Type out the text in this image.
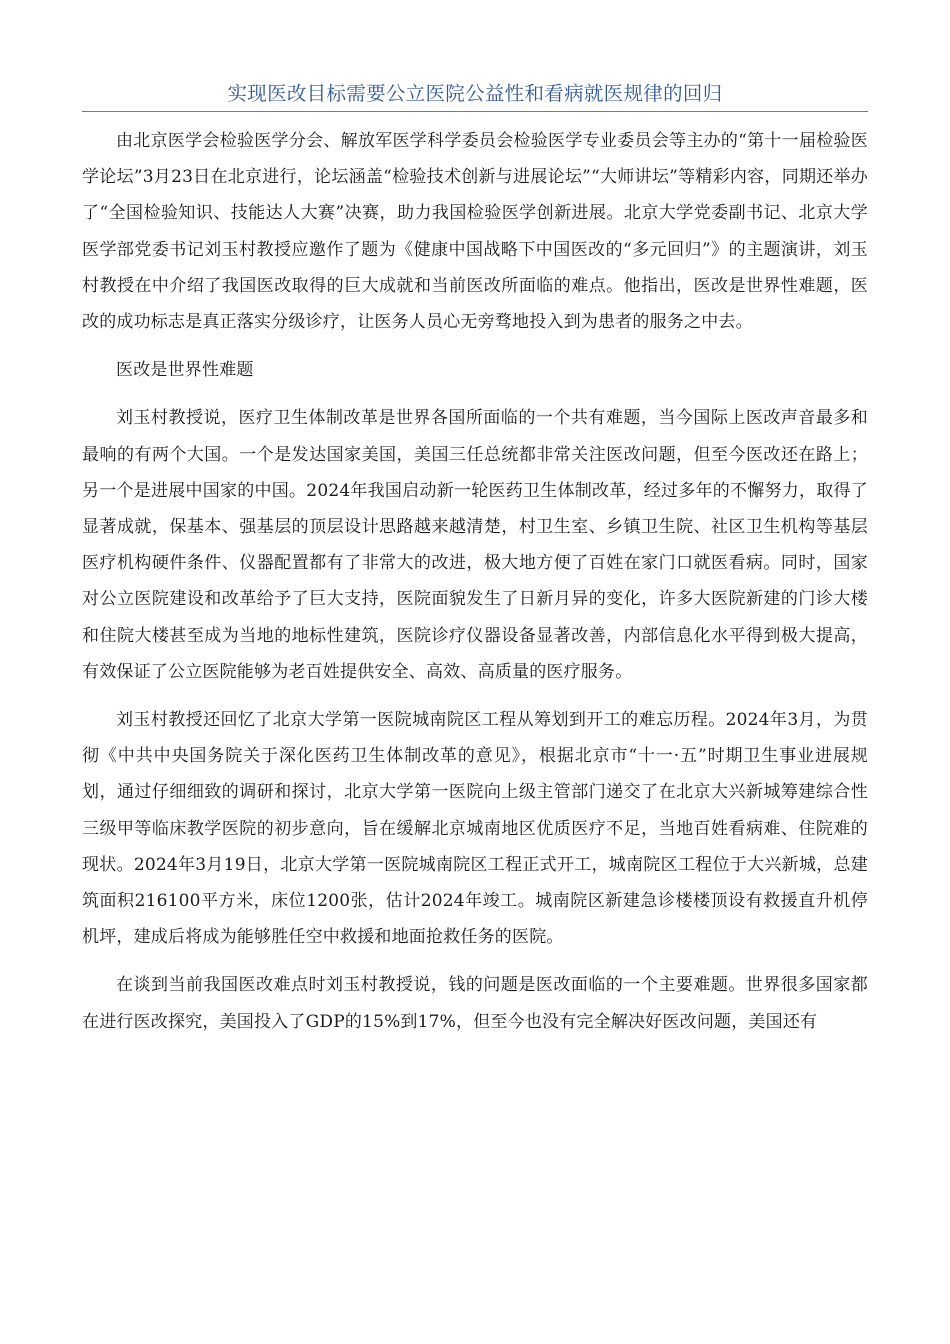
实现医改目标需要公立医院公益性和看病就医规律的回归

由北京医学会检验医学分会、解放军医学科学委员会检验医学专业委员会等主办的“第十一届检验医学论坛”3月23日在北京进行，论坛涵盖“检验技术创新与进展论坛”“大师讲坛”等精彩内容，同期还举办了“全国检验知识、技能达人大赛”决赛，助力我国检验医学创新进展。北京大学党委副书记、北京大学医学部党委书记刘玉村教授应邀作了题为《健康中国战略下中国医改的“多元回归”》的主题演讲，刘玉村教授在中介绍了我国医改取得的巨大成就和当前医改所面临的难点。他指出，医改是世界性难题，医改的成功标志是真正落实分级诊疗，让医务人员心无旁骛地投入到为患者的服务之中去。

医改是世界性难题

刘玉村教授说，医疗卫生体制改革是世界各国所面临的一个共有难题，当今国际上医改声音最多和最响的有两个大国。一个是发达国家美国，美国三任总统都非常关注医改问题，但至今医改还在路上；另一个是进展中国家的中国。2024年我国启动新一轮医药卫生体制改革，经过多年的不懈努力，取得了显著成就，保基本、强基层的顶层设计思路越来越清楚，村卫生室、乡镇卫生院、社区卫生机构等基层医疗机构硬件条件、仪器配置都有了非常大的改进，极大地方便了百姓在家门口就医看病。同时，国家对公立医院建设和改革给予了巨大支持，医院面貌发生了日新月异的变化，许多大医院新建的门诊大楼和住院大楼甚至成为当地的地标性建筑，医院诊疗仪器设备显著改善，内部信息化水平得到极大提高，有效保证了公立医院能够为老百姓提供安全、高效、高质量的医疗服务。

刘玉村教授还回忆了北京大学第一医院城南院区工程从筹划到开工的难忘历程。2024年3月，为贯彻《中共中央国务院关于深化医药卫生体制改革的意见》，根据北京市“十一·五”时期卫生事业进展规划，通过仔细细致的调研和探讨，北京大学第一医院向上级主管部门递交了在北京大兴新城筹建综合性三级甲等临床教学医院的初步意向，旨在缓解北京城南地区优质医疗不足，当地百姓看病难、住院难的现状。2024年3月19日，北京大学第一医院城南院区工程正式开工，城南院区工程位于大兴新城，总建筑面积216100平方米，床位1200张，估计2024年竣工。城南院区新建急诊楼楼顶设有救援直升机停机坪，建成后将成为能够胜任空中救援和地面抢救任务的医院。

在谈到当前我国医改难点时刘玉村教授说，钱的问题是医改面临的一个主要难题。世界很多国家都在进行医改探究，美国投入了GDP的15%到17%，但至今也没有完全解决好医改问题，美国还有
